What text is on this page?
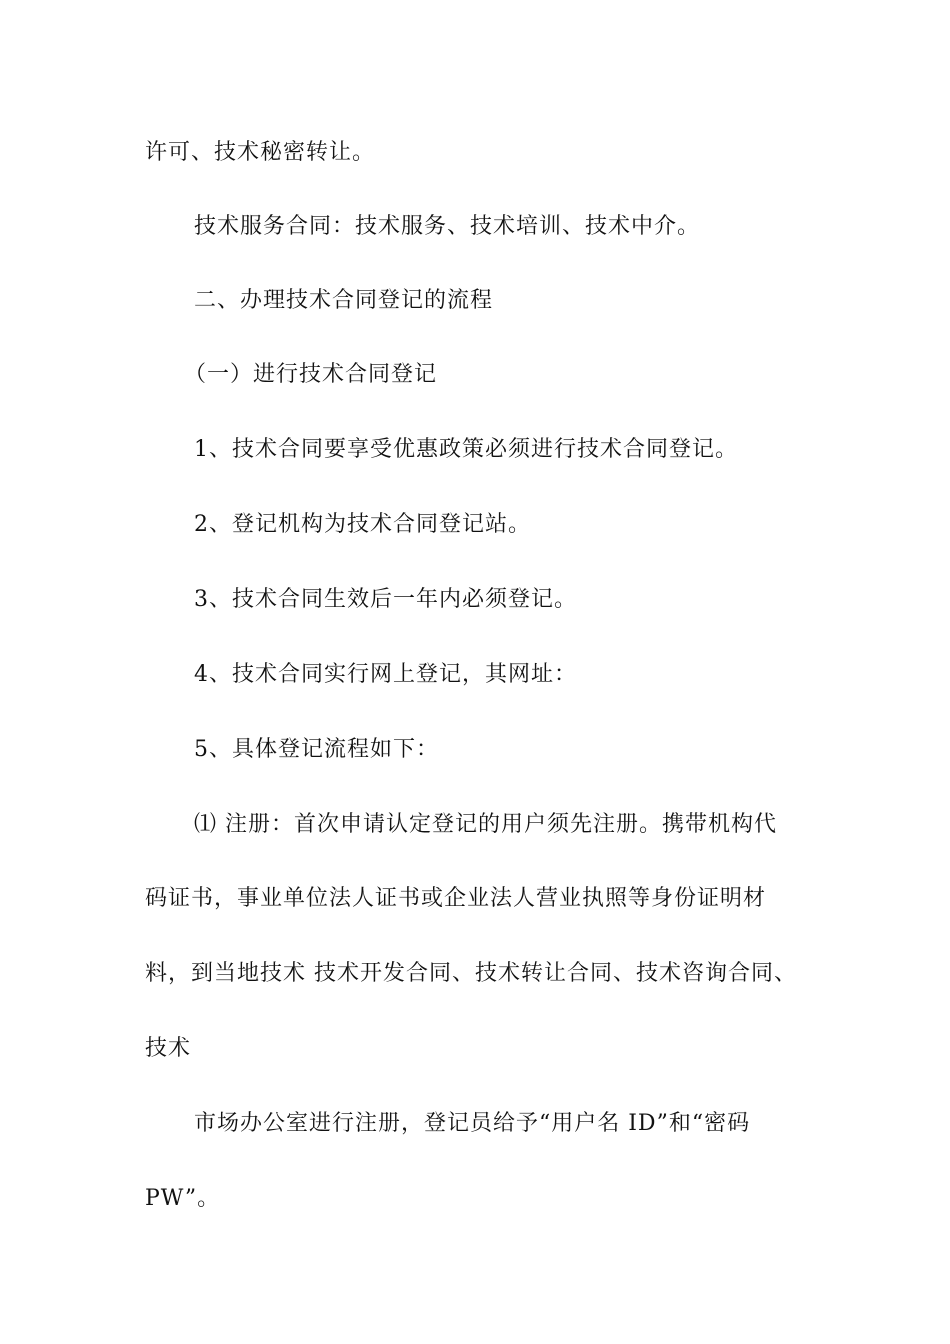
许可、技术秘密转让。
技术服务合同：技术服务、技术培训、技术中介。
二、办理技术合同登记的流程
（一）进行技术合同登记
1、技术合同要享受优惠政策必须进行技术合同登记。
2、登记机构为技术合同登记站。
3、技术合同生效后一年内必须登记。
4、技术合同实行网上登记，其网址：
5、具体登记流程如下：
⑴ 注册：首次申请认定登记的用户须先注册。携带机构代
码证书，事业单位法人证书或企业法人营业执照等身份证明材
料，到当地技术 技术开发合同、技术转让合同、技术咨询合同、
技术
市场办公室进行注册，登记员给予“用户名 ID”和“密码
PW”。
